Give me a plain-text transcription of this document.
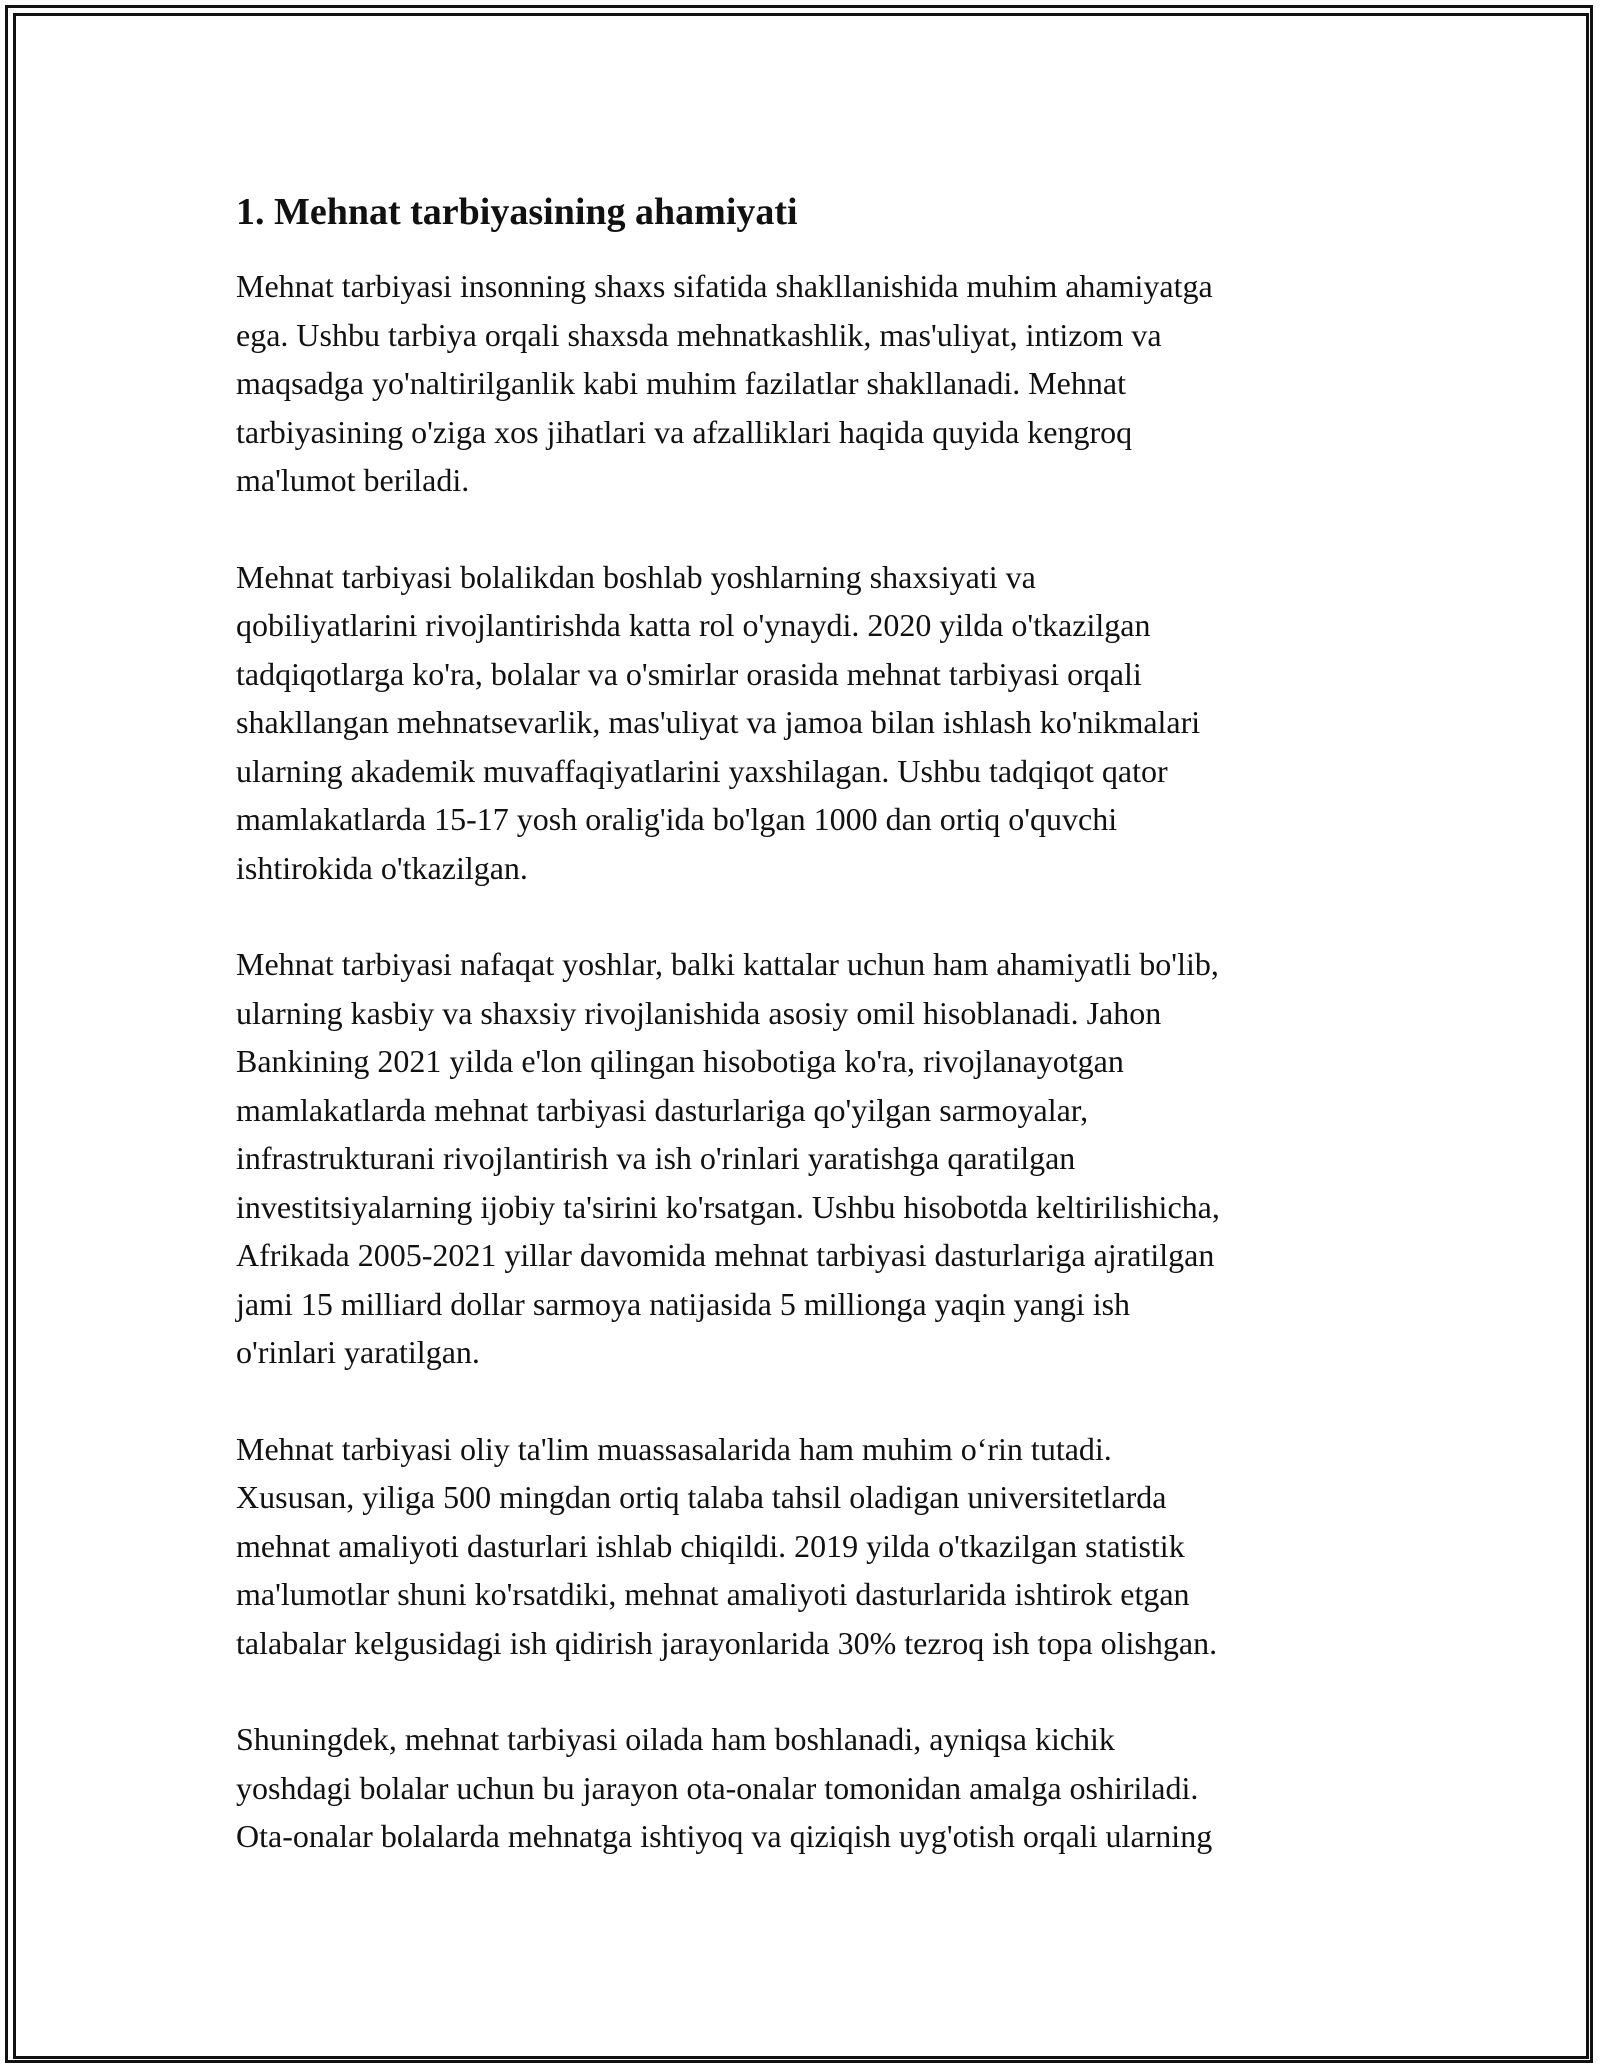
1. Mehnat tarbiyasining ahamiyati

Mehnat tarbiyasi insonning shaxs sifatida shakllanishida muhim ahamiyatga
ega. Ushbu tarbiya orqali shaxsda mehnatkashlik, mas'uliyat, intizom va
maqsadga yo'naltirilganlik kabi muhim fazilatlar shakllanadi. Mehnat
tarbiyasining o'ziga xos jihatlari va afzalliklari haqida quyida kengroq
ma'lumot beriladi.

Mehnat tarbiyasi bolalikdan boshlab yoshlarning shaxsiyati va
qobiliyatlarini rivojlantirishda katta rol o'ynaydi. 2020 yilda o'tkazilgan
tadqiqotlarga ko'ra, bolalar va o'smirlar orasida mehnat tarbiyasi orqali
shakllangan mehnatsevarlik, mas'uliyat va jamoa bilan ishlash ko'nikmalari
ularning akademik muvaffaqiyatlarini yaxshilagan. Ushbu tadqiqot qator
mamlakatlarda 15-17 yosh oralig'ida bo'lgan 1000 dan ortiq o'quvchi
ishtirokida o'tkazilgan.

Mehnat tarbiyasi nafaqat yoshlar, balki kattalar uchun ham ahamiyatli bo'lib,
ularning kasbiy va shaxsiy rivojlanishida asosiy omil hisoblanadi. Jahon
Bankining 2021 yilda e'lon qilingan hisobotiga ko'ra, rivojlanayotgan
mamlakatlarda mehnat tarbiyasi dasturlariga qo'yilgan sarmoyalar,
infrastrukturani rivojlantirish va ish o'rinlari yaratishga qaratilgan
investitsiyalarning ijobiy ta'sirini ko'rsatgan. Ushbu hisobotda keltirilishicha,
Afrikada 2005-2021 yillar davomida mehnat tarbiyasi dasturlariga ajratilgan
jami 15 milliard dollar sarmoya natijasida 5 millionga yaqin yangi ish
o'rinlari yaratilgan.

Mehnat tarbiyasi oliy ta'lim muassasalarida ham muhim o‘rin tutadi.
Xususan, yiliga 500 mingdan ortiq talaba tahsil oladigan universitetlarda
mehnat amaliyoti dasturlari ishlab chiqildi. 2019 yilda o'tkazilgan statistik
ma'lumotlar shuni ko'rsatdiki, mehnat amaliyoti dasturlarida ishtirok etgan
talabalar kelgusidagi ish qidirish jarayonlarida 30% tezroq ish topa olishgan.

Shuningdek, mehnat tarbiyasi oilada ham boshlanadi, ayniqsa kichik
yoshdagi bolalar uchun bu jarayon ota-onalar tomonidan amalga oshiriladi.
Ota-onalar bolalarda mehnatga ishtiyoq va qiziqish uyg'otish orqali ularning
